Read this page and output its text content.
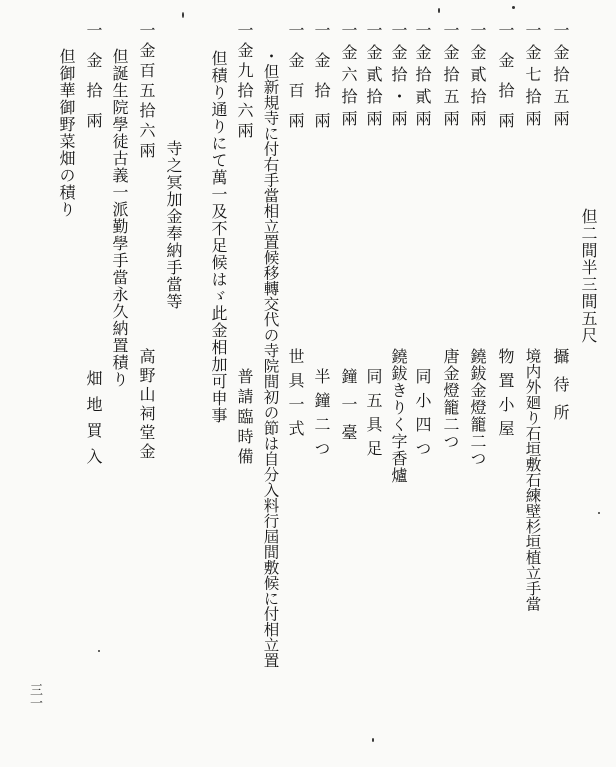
一金拾五兩
一金七拾兩
一金拾兩
一金貳拾兩
一金拾五兩
一金拾貳兩
一金拾・兩
一金貳拾兩
一金六拾兩
一金拾兩
一金百兩
・但新規寺に付右手當相立置候移轉交代の寺院間初の節は自分入料行屆間敷候に付相立置
一金九拾六兩
但積り通りにて萬一及不足候はゞ此金相加可申事
寺之冥加金奉納手當等
一金百五拾六兩
但誕生院學徒古義一派勤學手當永久納置積り
一金拾兩
但御華御野菜畑の積り
但二間半三間五尺
攝待所
境内外廻り石垣敷石練壁杉垣植立手當
物置小屋
鐃鈸金燈籠二つ
唐金燈籠二つ
同小四つ
鐃鈸きりく字香爐
同五具足
鐘一臺
半鐘二つ
世具一式
普請臨時備
高野山祠堂金
畑地買入
三一
